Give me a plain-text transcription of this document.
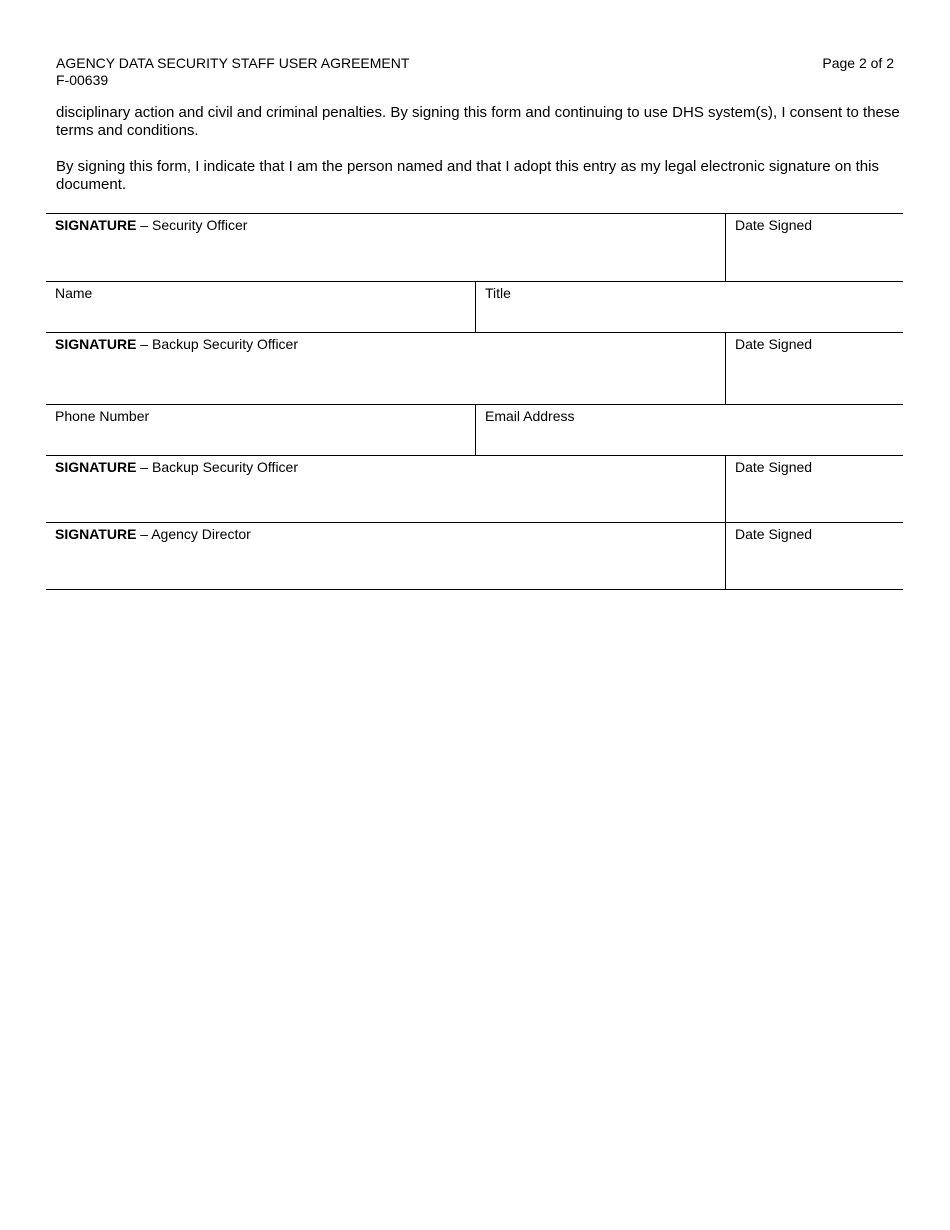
AGENCY DATA SECURITY STAFF USER AGREEMENT
F-00639
Page 2 of 2

disciplinary action and civil and criminal penalties. By signing this form and continuing to use DHS system(s), I consent to these terms and conditions.

By signing this form, I indicate that I am the person named and that I adopt this entry as my legal electronic signature on this document.

SIGNATURE – Security Officer	Date Signed
Name	Title
SIGNATURE – Backup Security Officer	Date Signed
Phone Number	Email Address
SIGNATURE – Backup Security Officer	Date Signed
SIGNATURE – Agency Director	Date Signed
